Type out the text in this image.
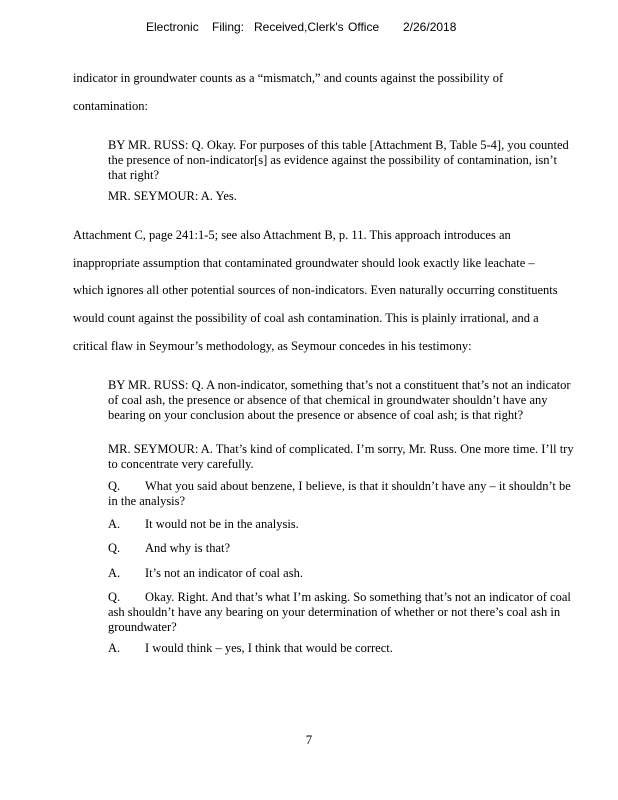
Electronic Filing: Received,Clerk's Office 2/26/2018
indicator in groundwater counts as a “mismatch,” and counts against the possibility of
contamination:
BY MR. RUSS: Q. Okay. For purposes of this table [Attachment B, Table 5-4], you counted the presence of non-indicator[s] as evidence against the possibility of contamination, isn’t that right?
MR. SEYMOUR: A. Yes.
Attachment C, page 241:1-5; see also Attachment B, p. 11. This approach introduces an
inappropriate assumption that contaminated groundwater should look exactly like leachate –
which ignores all other potential sources of non-indicators. Even naturally occurring constituents
would count against the possibility of coal ash contamination. This is plainly irrational, and a
critical flaw in Seymour’s methodology, as Seymour concedes in his testimony:
BY MR. RUSS: Q. A non-indicator, something that’s not a constituent that’s not an indicator of coal ash, the presence or absence of that chemical in groundwater shouldn’t have any bearing on your conclusion about the presence or absence of coal ash; is that right?
MR. SEYMOUR: A. That’s kind of complicated. I’m sorry, Mr. Russ. One more time. I’ll try to concentrate very carefully.
Q. What you said about benzene, I believe, is that it shouldn’t have any – it shouldn’t be in the analysis?
A. It would not be in the analysis.
Q. And why is that?
A. It’s not an indicator of coal ash.
Q. Okay. Right. And that’s what I’m asking. So something that’s not an indicator of coal ash shouldn’t have any bearing on your determination of whether or not there’s coal ash in groundwater?
A. I would think – yes, I think that would be correct.
7
